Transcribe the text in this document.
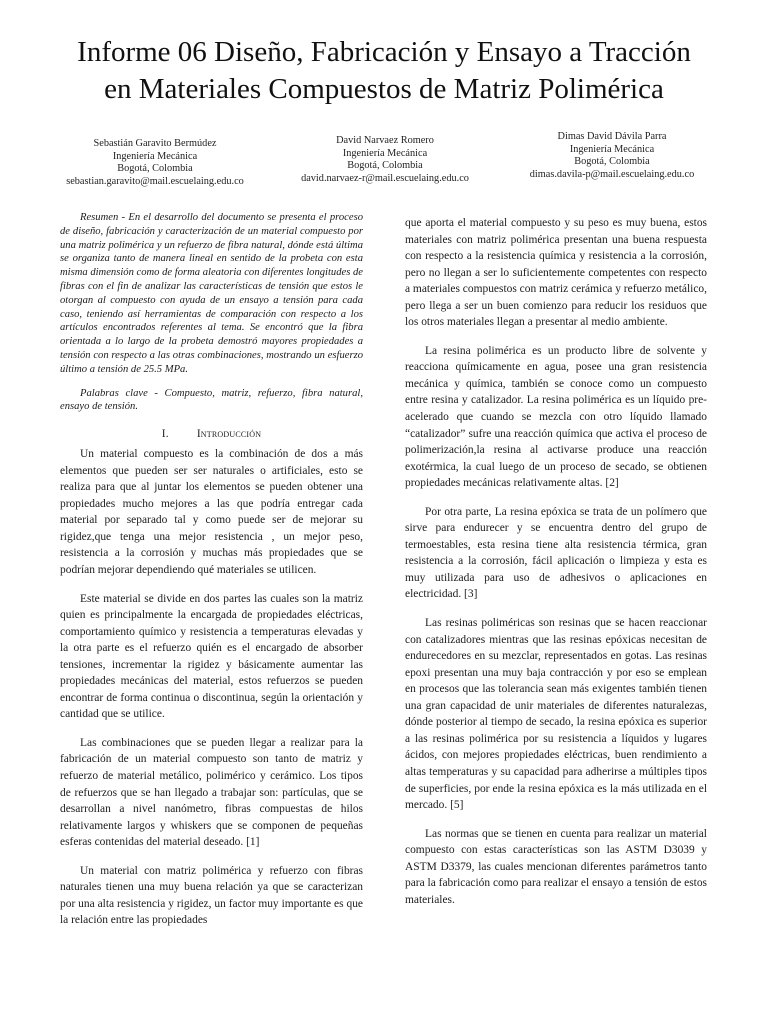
Informe 06 Diseño, Fabricación y Ensayo a Tracción
en Materiales Compuestos de Matriz Polimérica
Sebastián Garavito Bermúdez
Ingeniería Mecánica
Bogotá, Colombia
sebastian.garavito@mail.escuelaing.edu.co
David Narvaez Romero
Ingeniería Mecánica
Bogotá, Colombia
david.narvaez-r@mail.escuelaing.edu.co
Dimas David Dávila Parra
Ingeniería Mecánica
Bogotá, Colombia
dimas.davila-p@mail.escuelaing.edu.co

Resumen - En el desarrollo del documento se presenta el proceso de diseño, fabricación y caracterización de un material compuesto por una matriz polimérica y un refuerzo de fibra natural, dónde está última se organiza tanto de manera lineal en sentido de la probeta con esta misma dimensión como de forma aleatoria con diferentes longitudes de fibras con el fin de analizar las características de tensión que estos le otorgan al compuesto con ayuda de un ensayo a tensión para cada caso, teniendo así herramientas de comparación con respecto a los artículos encontrados referentes al tema. Se encontró que la fibra orientada a lo largo de la probeta demostró mayores propiedades a tensión con respecto a las otras combinaciones, mostrando un esfuerzo último a tensión de 25.5 MPa.

Palabras clave - Compuesto, matriz, refuerzo, fibra natural, ensayo de tensión.

I. Introducción

Un material compuesto es la combinación de dos a más elementos que pueden ser ser naturales o artificiales, esto se realiza para que al juntar los elementos se pueden obtener una propiedades mucho mejores a las que podría entregar cada material por separado tal y como puede ser de mejorar su rigidez,que tenga una mejor resistencia , un mejor peso, resistencia a la corrosión y muchas más propiedades que se podrían mejorar dependiendo qué materiales se utilicen.

Este material se divide en dos partes las cuales son la matriz quien es principalmente la encargada de propiedades eléctricas, comportamiento químico y resistencia a temperaturas elevadas y la otra parte es el refuerzo quién es el encargado de absorber tensiones, incrementar la rigidez y básicamente aumentar las propiedades mecánicas del material, estos refuerzos se pueden encontrar de forma continua o discontinua, según la orientación y cantidad que se utilice.

Las combinaciones que se pueden llegar a realizar para la fabricación de un material compuesto son tanto de matriz y refuerzo de material metálico, polimérico y cerámico. Los tipos de refuerzos que se han llegado a trabajar son: partículas, que se desarrollan a nivel nanómetro, fibras compuestas de hilos relativamente largos y whiskers que se componen de pequeñas esferas contenidas del material deseado. [1]

Un material con matriz polimérica y refuerzo con fibras naturales tienen una muy buena relación ya que se caracterizan por una alta resistencia y rigidez, un factor muy importante es que la relación entre las propiedades

que aporta el material compuesto y su peso es muy buena, estos materiales con matriz polimérica presentan una buena respuesta con respecto a la resistencia química y resistencia a la corrosión, pero no llegan a ser lo suficientemente competentes con respecto a materiales compuestos con matriz cerámica y refuerzo metálico, pero llega a ser un buen comienzo para reducir los residuos que los otros materiales llegan a presentar al medio ambiente.

La resina polimérica es un producto libre de solvente y reacciona químicamente en agua, posee una gran resistencia mecánica y química, también se conoce como un compuesto entre resina y catalizador. La resina polimérica es un líquido pre-acelerado que cuando se mezcla con otro líquido llamado “catalizador” sufre una reacción química que activa el proceso de polimerización,la resina al activarse produce una reacción exotérmica, la cual luego de un proceso de secado, se obtienen propiedades mecánicas relativamente altas. [2]

Por otra parte, La resina epóxica se trata de un polímero que sirve para endurecer y se encuentra dentro del grupo de termoestables, esta resina tiene alta resistencia térmica, gran resistencia a la corrosión, fácil aplicación o limpieza y esta es muy utilizada para uso de adhesivos o aplicaciones en electricidad. [3]

Las resinas poliméricas son resinas que se hacen reaccionar con catalizadores mientras que las resinas epóxicas necesitan de endurecedores en su mezclar, representados en gotas. Las resinas epoxi presentan una muy baja contracción y por eso se emplean en procesos que las tolerancia sean más exigentes también tienen una gran capacidad de unir materiales de diferentes naturalezas, dónde posterior al tiempo de secado, la resina epóxica es superior a las resinas polimérica por su resistencia a líquidos y lugares ácidos, con mejores propiedades eléctricas, buen rendimiento a altas temperaturas y su capacidad para adherirse a múltiples tipos de superficies, por ende la resina epóxica es la más utilizada en el mercado. [5]

Las normas que se tienen en cuenta para realizar un material compuesto con estas características son las ASTM D3039 y ASTM D3379, las cuales mencionan diferentes parámetros tanto para la fabricación como para realizar el ensayo a tensión de estos materiales.
